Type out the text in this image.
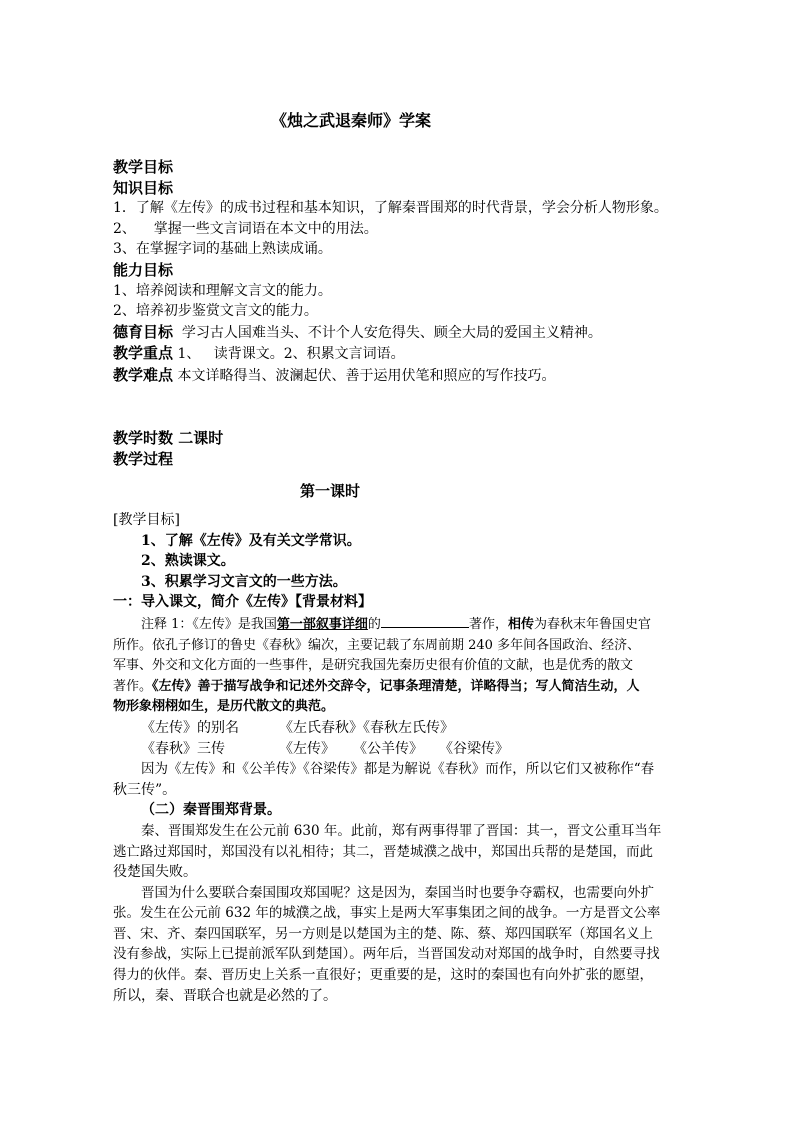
《烛之武退秦师》学案

教学目标

知识目标

1．了解《左传》的成书过程和基本知识，了解秦晋围郑的时代背景，学会分析人物形象。

2、    掌握一些文言词语在本文中的用法。

3、在掌握字词的基础上熟读成诵。

能力目标

1、培养阅读和理解文言文的能力。

2、培养初步鉴赏文言文的能力。

德育目标  学习古人国难当头、不计个人安危得失、顾全大局的爱国主义精神。

教学重点 1、   读背课文。2、积累文言词语。

教学难点 本文详略得当、波澜起伏、善于运用伏笔和照应的写作技巧。

教学时数 二课时

教学过程

第一课时

[教学目标]

1、了解《左传》及有关文学常识。

2、熟读课文。

3、积累学习文言文的一些方法。

一：导入课文，简介《左传》【背景材料】

注释 1：《左传》是我国第一部叙事详细的	著作，相传为春秋末年鲁国史官

所作。依孔子修订的鲁史《春秋》编次，主要记载了东周前期 240 多年间各国政治、经济、

军事、外交和文化方面的一些事件，是研究我国先秦历史很有价值的文献，也是优秀的散文

著作。《左传》善于描写战争和记述外交辞令，记事条理清楚，详略得当；写人简洁生动，人

物形象栩栩如生，是历代散文的典范。

《左传》的别名	《左氏春秋》《春秋左氏传》

《春秋》三传	《左传》 《公羊传》 《谷梁传》

因为《左传》和《公羊传》《谷梁传》都是为解说《春秋》而作，所以它们又被称作“春

秋三传”。

（二）秦晋围郑背景。

秦、晋围郑发生在公元前 630 年。此前，郑有两事得罪了晋国：其一，晋文公重耳当年

逃亡路过郑国时，郑国没有以礼相待；其二，晋楚城濮之战中，郑国出兵帮的是楚国，而此

役楚国失败。

晋国为什么要联合秦国围攻郑国呢？这是因为，秦国当时也要争夺霸权，也需要向外扩

张。发生在公元前 632 年的城濮之战，事实上是两大军事集团之间的战争。一方是晋文公率

晋、宋、齐、秦四国联军，另一方则是以楚国为主的楚、陈、蔡、郑四国联军（郑国名义上

没有参战，实际上已提前派军队到楚国）。两年后，当晋国发动对郑国的战争时，自然要寻找

得力的伙伴。秦、晋历史上关系一直很好；更重要的是，这时的秦国也有向外扩张的愿望，

所以，秦、晋联合也就是必然的了。
